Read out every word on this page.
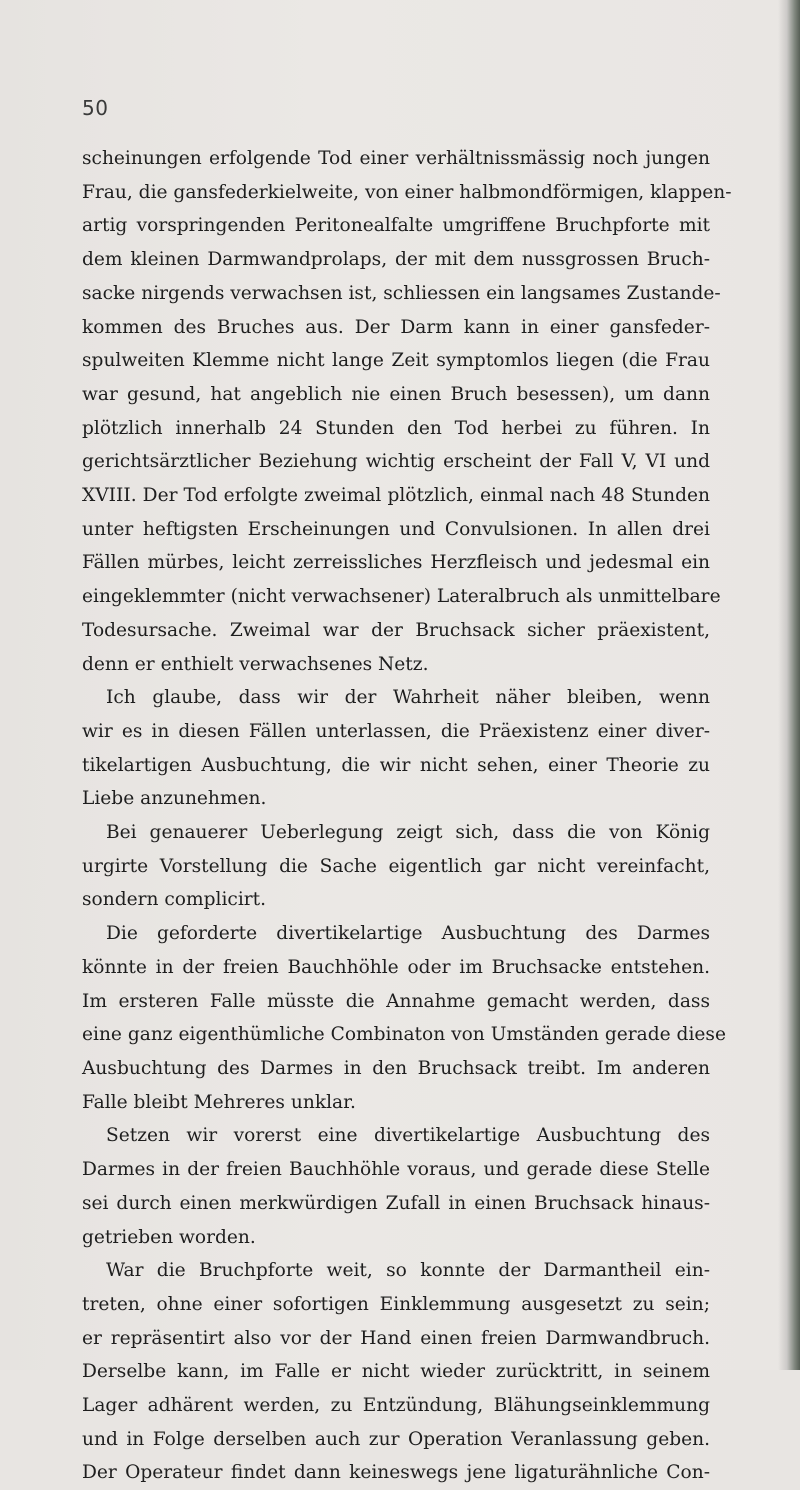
50
scheinungen erfolgende Tod einer verhältnissmässig noch jungen
Frau, die gansfederkielweite, von einer halbmondförmigen, klappen-
artig vorspringenden Peritonealfalte umgriffene Bruchpforte mit
dem kleinen Darmwandprolaps, der mit dem nussgrossen Bruch-
sacke nirgends verwachsen ist, schliessen ein langsames Zustande-
kommen des Bruches aus. Der Darm kann in einer gansfeder-
spulweiten Klemme nicht lange Zeit symptomlos liegen (die Frau
war gesund, hat angeblich nie einen Bruch besessen), um dann
plötzlich innerhalb 24 Stunden den Tod herbei zu führen. In
gerichtsärztlicher Beziehung wichtig erscheint der Fall V, VI und
XVIII. Der Tod erfolgte zweimal plötzlich, einmal nach 48 Stunden
unter heftigsten Erscheinungen und Convulsionen. In allen drei
Fällen mürbes, leicht zerreissliches Herzfleisch und jedesmal ein
eingeklemmter (nicht verwachsener) Lateralbruch als unmittelbare
Todesursache. Zweimal war der Bruchsack sicher präexistent,
denn er enthielt verwachsenes Netz.
Ich glaube, dass wir der Wahrheit näher bleiben, wenn
wir es in diesen Fällen unterlassen, die Präexistenz einer diver-
tikelartigen Ausbuchtung, die wir nicht sehen, einer Theorie zu
Liebe anzunehmen.
Bei genauerer Ueberlegung zeigt sich, dass die von König
urgirte Vorstellung die Sache eigentlich gar nicht vereinfacht,
sondern complicirt.
Die geforderte divertikelartige Ausbuchtung des Darmes
könnte in der freien Bauchhöhle oder im Bruchsacke entstehen.
Im ersteren Falle müsste die Annahme gemacht werden, dass
eine ganz eigenthümliche Combinaton von Umständen gerade diese
Ausbuchtung des Darmes in den Bruchsack treibt. Im anderen
Falle bleibt Mehreres unklar.
Setzen wir vorerst eine divertikelartige Ausbuchtung des
Darmes in der freien Bauchhöhle voraus, und gerade diese Stelle
sei durch einen merkwürdigen Zufall in einen Bruchsack hinaus-
getrieben worden.
War die Bruchpforte weit, so konnte der Darmantheil ein-
treten, ohne einer sofortigen Einklemmung ausgesetzt zu sein;
er repräsentirt also vor der Hand einen freien Darmwandbruch.
Derselbe kann, im Falle er nicht wieder zurücktritt, in seinem
Lager adhärent werden, zu Entzündung, Blähungseinklemmung
und in Folge derselben auch zur Operation Veranlassung geben.
Der Operateur findet dann keineswegs jene ligaturähnliche Con-
